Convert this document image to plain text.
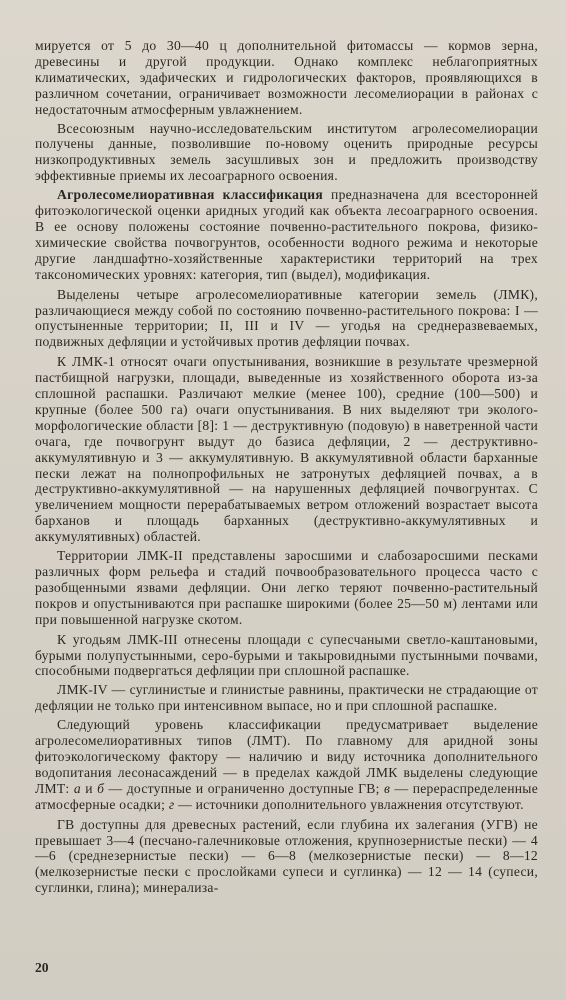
мируется от 5 до 30—40 ц дополнительной фитомассы — кормов зерна, древесины и другой продукции. Однако комплекс неблагоприятных климатических, эдафических и гидрологических факторов, проявляющихся в различном сочетании, ограничивает возможности лесомелиорации в районах с недостаточным атмосферным увлажнением.

Всесоюзным научно-исследовательским институтом агролесомелиорации получены данные, позволившие по-новому оценить природные ресурсы низкопродуктивных земель засушливых зон и предложить производству эффективные приемы их лесоаграрного освоения.

Агролесомелиоративная классификация предназначена для всесторонней фитоэкологической оценки аридных угодий как объекта лесоаграрного освоения. В ее основу положены состояние почвенно-растительного покрова, физико-химические свойства почвогрунтов, особенности водного режима и некоторые другие ландшафтно-хозяйственные характеристики территорий на трех таксономических уровнях: категория, тип (выдел), модификация.

Выделены четыре агролесомелиоративные категории земель (ЛМК), различающиеся между собой по состоянию почвенно-растительного покрова: I — опустыненные территории; II, III и IV — угодья на среднеразвеваемых, подвижных дефляции и устойчивых против дефляции почвах.

К ЛМК-1 относят очаги опустынивания, возникшие в результате чрезмерной пастбищной нагрузки, площади, выведенные из хозяйственного оборота из-за сплошной распашки. Различают мелкие (менее 100), средние (100—500) и крупные (более 500 га) очаги опустынивания. В них выделяют три эколого-морфологические области [8]: 1 — деструктивную (подовую) в наветренной части очага, где почвогрунт выдут до базиса дефляции, 2 — деструктивно-аккумулятивную и 3 — аккумулятивную. В аккумулятивной области барханные пески лежат на полнопрофильных не затронутых дефляцией почвах, а в деструктивно-аккумулятивной — на нарушенных дефляцией почвогрунтах. С увеличением мощности перерабатываемых ветром отложений возрастает высота барханов и площадь барханных (деструктивно-аккумулятивных и аккумулятивных) областей.

Территории ЛМК-II представлены заросшими и слабозаросшими песками различных форм рельефа и стадий почвообразовательного процесса часто с разобщенными язвами дефляции. Они легко теряют почвенно-растительный покров и опустыниваются при распашке широкими (более 25—50 м) лентами или при повышенной нагрузке скотом.

К угодьям ЛМК-III отнесены площади с супесчаными светло-каштановыми, бурыми полупустынными, серо-бурыми и такыровидными пустынными почвами, способными подвергаться дефляции при сплошной распашке.

ЛМК-IV — суглинистые и глинистые равнины, практически не страдающие от дефляции не только при интенсивном выпасе, но и при сплошной распашке.

Следующий уровень классификации предусматривает выделение агролесомелиоративных типов (ЛМТ). По главному для аридной зоны фитоэкологическому фактору — наличию и виду источника дополнительного водопитания лесонасаждений — в пределах каждой ЛМК выделены следующие ЛМТ: а и б — доступные и ограниченно доступные ГВ; в — перераспределенные атмосферные осадки; г — источники дополнительного увлажнения отсутствуют.

ГВ доступны для древесных растений, если глубина их залегания (УГВ) не превышает 3—4 (песчано-галечниковые отложения, крупнозернистые пески) — 4—6 (среднезернистые пески) — 6—8 (мелкозернистые пески) — 8—12 (мелкозернистые пески с прослойками супеси и суглинка) — 12 — 14 (супеси, суглинки, глина); минерализа-

20
